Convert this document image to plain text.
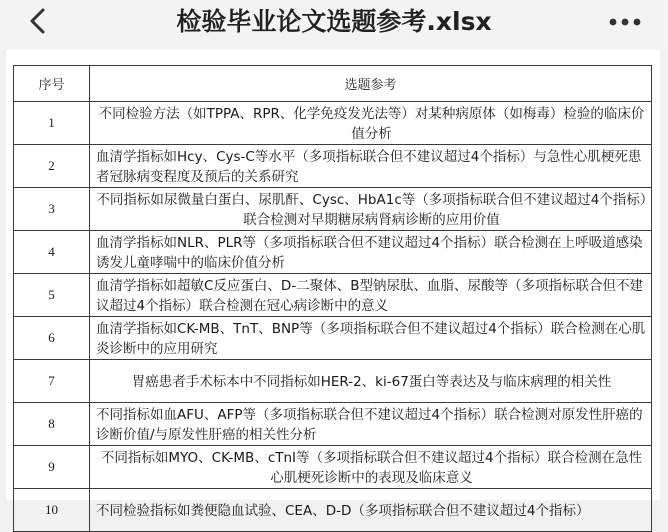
检验毕业论文选题参考.xlsx
序号	选题参考
1	不同检验方法（如TPPA、RPR、化学免疫发光法等）对某种病原体（如梅毒）检验的临床价值分析
2	血清学指标如Hcy、Cys-C等水平（多项指标联合但不建议超过4个指标）与急性心肌梗死患者冠脉病变程度及预后的关系研究
3	不同指标如尿微量白蛋白、尿肌酐、Cysc、HbA1c等（多项指标联合但不建议超过4个指标）联合检测对早期糖尿病肾病诊断的应用价值
4	血清学指标如NLR、PLR等（多项指标联合但不建议超过4个指标）联合检测在上呼吸道感染诱发儿童哮喘中的临床价值分析
5	血清学指标如超敏C反应蛋白、D-二聚体、B型钠尿肽、血脂、尿酸等（多项指标联合但不建议超过4个指标）联合检测在冠心病诊断中的意义
6	血清学指标如CK-MB、TnT、BNP等（多项指标联合但不建议超过4个指标）联合检测在心肌炎诊断中的应用研究
7	胃癌患者手术标本中不同指标如HER-2、ki-67蛋白等表达及与临床病理的相关性
8	不同指标如血AFU、AFP等（多项指标联合但不建议超过4个指标）联合检测对原发性肝癌的诊断价值/与原发性肝癌的相关性分析
9	不同指标如MYO、CK-MB、cTnI等（多项指标联合但不建议超过4个指标）联合检测在急性心肌梗死诊断中的表现及临床意义
10	不同检验指标如粪便隐血试验、CEA、D-D（多项指标联合但不建议超过4个指标）
